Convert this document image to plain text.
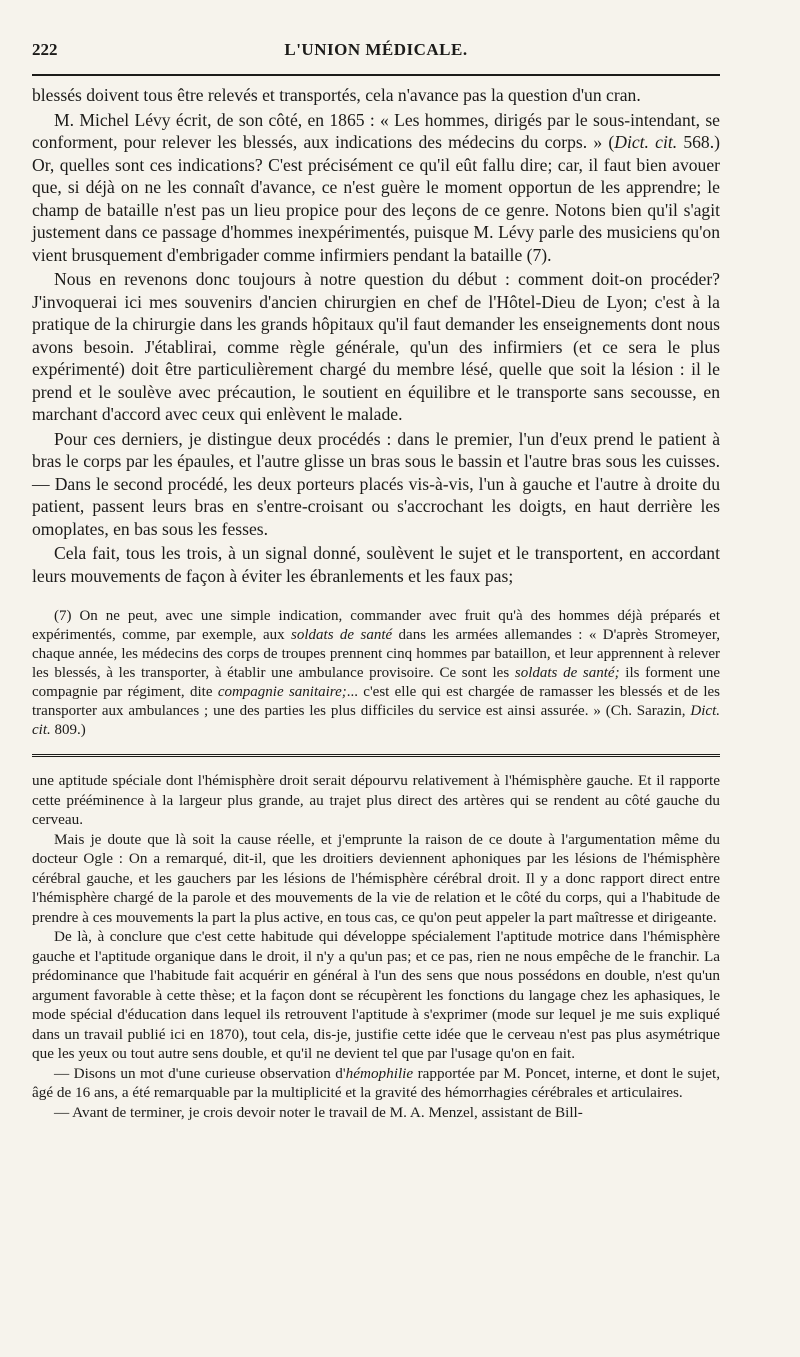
222	L'UNION MÉDICALE.

blessés doivent tous être relevés et transportés, cela n'avance pas la question d'un cran.

M. Michel Lévy écrit, de son côté, en 1865 : « Les hommes, dirigés par le sous-intendant, se conforment, pour relever les blessés, aux indications des médecins du corps. » (Dict. cit. 568.) Or, quelles sont ces indications? C'est précisément ce qu'il eût fallu dire; car, il faut bien avouer que, si déjà on ne les connaît d'avance, ce n'est guère le moment opportun de les apprendre; le champ de bataille n'est pas un lieu propice pour des leçons de ce genre. Notons bien qu'il s'agit justement dans ce passage d'hommes inexpérimentés, puisque M. Lévy parle des musiciens qu'on vient brusquement d'embrigader comme infirmiers pendant la bataille (7).

Nous en revenons donc toujours à notre question du début : comment doit-on procéder? J'invoquerai ici mes souvenirs d'ancien chirurgien en chef de l'Hôtel-Dieu de Lyon; c'est à la pratique de la chirurgie dans les grands hôpitaux qu'il faut demander les enseignements dont nous avons besoin. J'établirai, comme règle générale, qu'un des infirmiers (et ce sera le plus expérimenté) doit être particulièrement chargé du membre lésé, quelle que soit la lésion : il le prend et le soulève avec précaution, le soutient en équilibre et le transporte sans secousse, en marchant d'accord avec ceux qui enlèvent le malade.

Pour ces derniers, je distingue deux procédés : dans le premier, l'un d'eux prend le patient à bras le corps par les épaules, et l'autre glisse un bras sous le bassin et l'autre bras sous les cuisses. — Dans le second procédé, les deux porteurs placés vis-à-vis, l'un à gauche et l'autre à droite du patient, passent leurs bras en s'entre-croisant ou s'accrochant les doigts, en haut derrière les omoplates, en bas sous les fesses.

Cela fait, tous les trois, à un signal donné, soulèvent le sujet et le transportent, en accordant leurs mouvements de façon à éviter les ébranlements et les faux pas;

(7) On ne peut, avec une simple indication, commander avec fruit qu'à des hommes déjà préparés et expérimentés, comme, par exemple, aux soldats de santé dans les armées allemandes : « D'après Stromeyer, chaque année, les médecins des corps de troupes prennent cinq hommes par bataillon, et leur apprennent à relever les blessés, à les transporter, à établir une ambulance provisoire. Ce sont les soldats de santé; ils forment une compagnie par régiment, dite compagnie sanitaire;... c'est elle qui est chargée de ramasser les blessés et de les transporter aux ambulances ; une des parties les plus difficiles du service est ainsi assurée. » (Ch. Sarazin, Dict. cit. 809.)

une aptitude spéciale dont l'hémisphère droit serait dépourvu relativement à l'hémisphère gauche. Et il rapporte cette prééminence à la largeur plus grande, au trajet plus direct des artères qui se rendent au côté gauche du cerveau.

Mais je doute que là soit la cause réelle, et j'emprunte la raison de ce doute à l'argumentation même du docteur Ogle : On a remarqué, dit-il, que les droitiers deviennent aphoniques par les lésions de l'hémisphère cérébral gauche, et les gauchers par les lésions de l'hémisphère cérébral droit. Il y a donc rapport direct entre l'hémisphère chargé de la parole et des mouvements de la vie de relation et le côté du corps, qui a l'habitude de prendre à ces mouvements la part la plus active, en tous cas, ce qu'on peut appeler la part maîtresse et dirigeante.

De là, à conclure que c'est cette habitude qui développe spécialement l'aptitude motrice dans l'hémisphère gauche et l'aptitude organique dans le droit, il n'y a qu'un pas; et ce pas, rien ne nous empêche de le franchir. La prédominance que l'habitude fait acquérir en général à l'un des sens que nous possédons en double, n'est qu'un argument favorable à cette thèse; et la façon dont se récupèrent les fonctions du langage chez les aphasiques, le mode spécial d'éducation dans lequel ils retrouvent l'aptitude à s'exprimer (mode sur lequel je me suis expliqué dans un travail publié ici en 1870), tout cela, dis-je, justifie cette idée que le cerveau n'est pas plus asymétrique que les yeux ou tout autre sens double, et qu'il ne devient tel que par l'usage qu'on en fait.

— Disons un mot d'une curieuse observation d'hémophilie rapportée par M. Poncet, interne, et dont le sujet, âgé de 16 ans, a été remarquable par la multiplicité et la gravité des hémorrhagies cérébrales et articulaires.

— Avant de terminer, je crois devoir noter le travail de M. A. Menzel, assistant de Bill-
